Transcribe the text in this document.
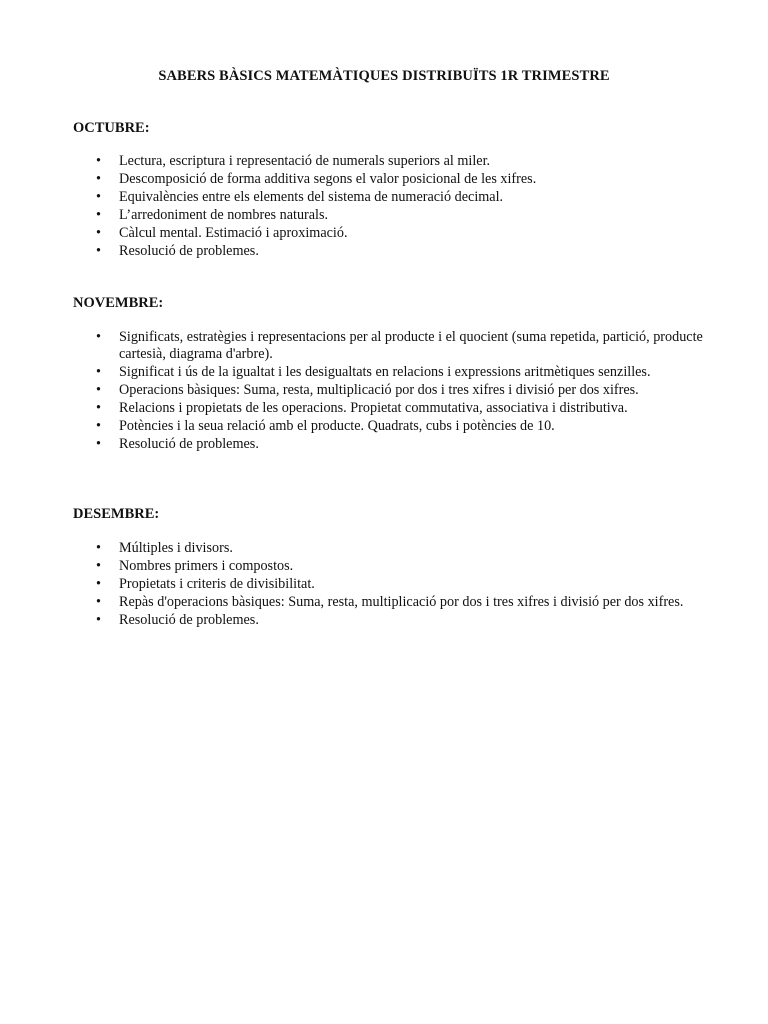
SABERS BÀSICS MATEMÀTIQUES DISTRIBUÏTS 1R TRIMESTRE

OCTUBRE:

• Lectura, escriptura i representació de numerals superiors al miler.
• Descomposició de forma additiva segons el valor posicional de les xifres.
• Equivalències entre els elements del sistema de numeració decimal.
• L’arredoniment de nombres naturals.
• Càlcul mental. Estimació i aproximació.
• Resolució de problemes.

NOVEMBRE:

• Significats, estratègies i representacions per al producte i el quocient (suma repetida, partició, producte cartesià, diagrama d'arbre).
• Significat i ús de la igualtat i les desigualtats en relacions i expressions aritmètiques senzilles.
• Operacions bàsiques: Suma, resta, multiplicació por dos i tres xifres i divisió per dos xifres.
• Relacions i propietats de les operacions. Propietat commutativa, associativa i distributiva.
• Potències i la seua relació amb el producte. Quadrats, cubs i potències de 10.
• Resolució de problemes.

DESEMBRE:

• Múltiples i divisors.
• Nombres primers i compostos.
• Propietats i criteris de divisibilitat.
• Repàs d'operacions bàsiques: Suma, resta, multiplicació por dos i tres xifres i divisió per dos xifres.
• Resolució de problemes.
